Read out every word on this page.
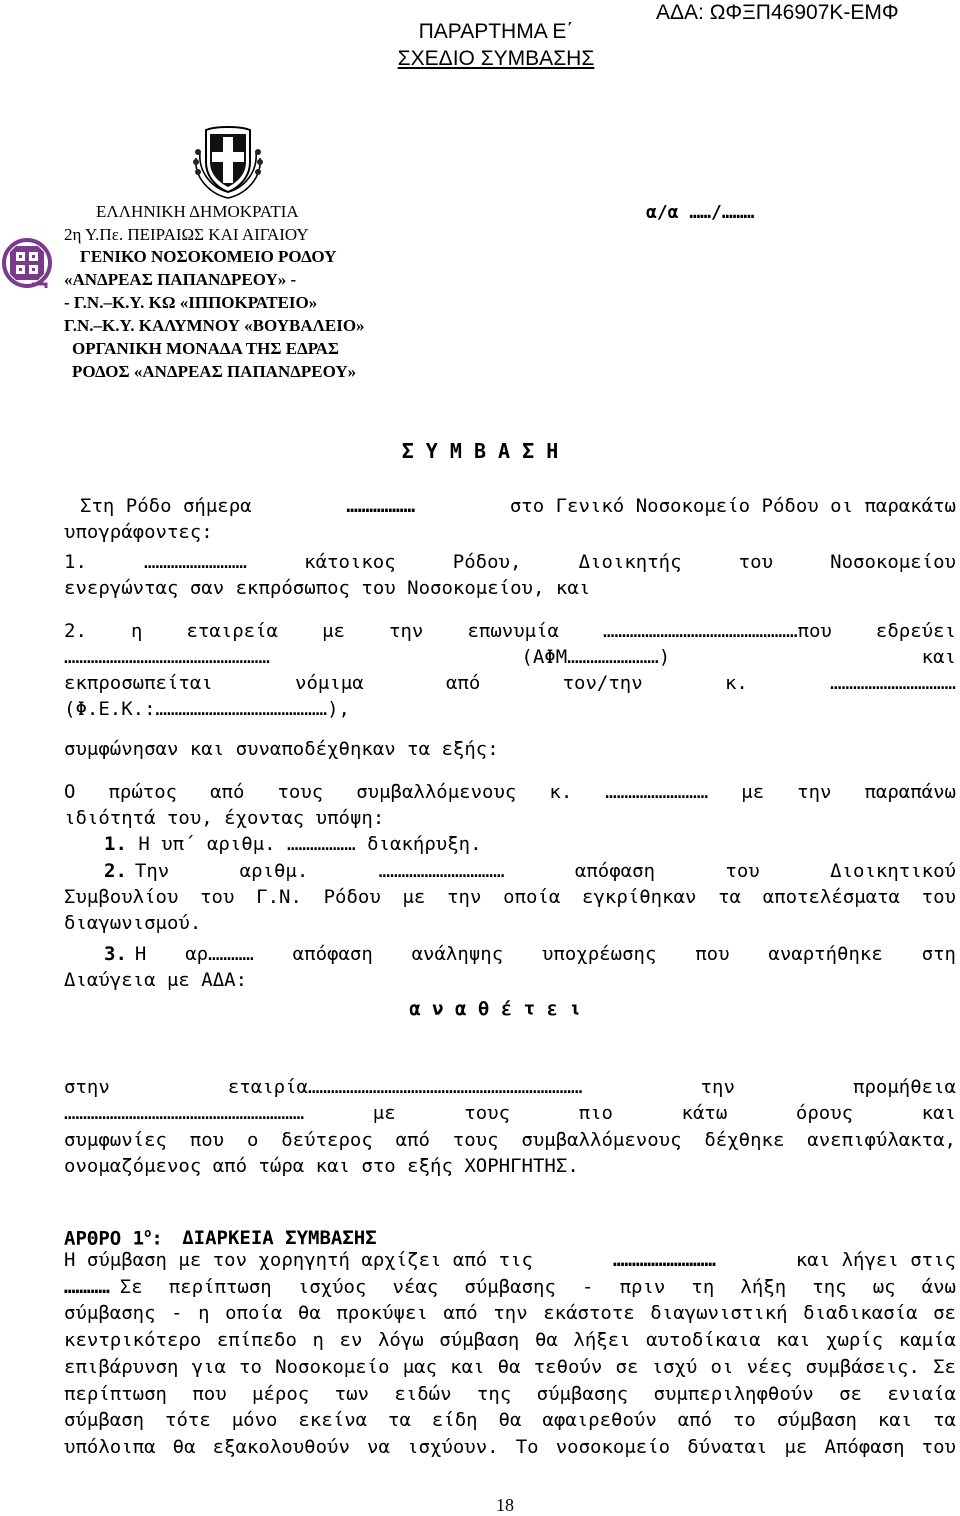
ΠΑΡΑΡΤΗΜΑ Ε΄
ΣΧΕΔΙΟ ΣΥΜΒΑΣΗΣ
ΑΔΑ: ΩΦΞΠ46907Κ-ΕΜΦ
ΕΛΛΗΝΙΚΗ ΔΗΜΟΚΡΑΤΙΑ
2η Υ.Πε. ΠΕΙΡΑΙΩΣ ΚΑΙ ΑΙΓΑΙΟΥ
ΓΕΝΙΚΟ ΝΟΣΟΚΟΜΕΙΟ ΡΟΔΟΥ
«ΑΝΔΡΕΑΣ ΠΑΠΑΝΔΡΕΟΥ» -
- Γ.Ν.–Κ.Υ. ΚΩ «ΙΠΠΟΚΡΑΤΕΙΟ»
Γ.Ν.–Κ.Υ. ΚΑΛΥΜΝΟΥ «ΒΟΥΒΑΛΕΙΟ»
ΟΡΓΑΝΙΚΗ ΜΟΝΑΔΑ ΤΗΣ ΕΔΡΑΣ
ΡΟΔΟΣ «ΑΝΔΡΕΑΣ ΠΑΠΑΝΔΡΕΟΥ»
α/α ……/………
Σ Υ Μ Β Α Σ Η
Στη Ρόδο σήμερα	………………	στο Γενικό Νοσοκομείο Ρόδου οι παρακάτω
υπογράφοντες:
1. ……………………… κάτοικος Ρόδου, Διοικητής του Νοσοκομείου
ενεργώντας σαν εκπρόσωπος του Νοσοκομείου, και
2. η εταιρεία με την επωνυμία ……………………………………………που εδρεύει
……………………………………………… (ΑΦΜ……………………) και
εκπροσωπείται νόμιμα από τον/την κ. ……………………………
(Φ.Ε.Κ.:………………………………………),
συμφώνησαν και συναποδέχθηκαν τα εξής:
Ο πρώτος από τους συμβαλλόμενους κ. ……………………… με την παραπάνω
ιδιότητά του, έχοντας υπόψη:
1. Η υπ΄ αριθμ. ……………… διακήρυξη.
2. Την αριθμ. …………………………… απόφαση του Διοικητικού
Συμβουλίου του Γ.Ν. Ρόδου με την οποία εγκρίθηκαν τα αποτελέσματα του
διαγωνισμού.
3. Η αρ………… απόφαση ανάληψης υποχρέωσης που αναρτήθηκε στη
Διαύγεια με ΑΔΑ:
α ν α θ έ τ ε ι
στην εταιρία……………………………………………………………… την προμήθεια
……………………………………………………… με τους πιο κάτω όρους και
συμφωνίες που ο δεύτερος από τους συμβαλλόμενους δέχθηκε ανεπιφύλακτα,
ονομαζόμενος από τώρα και στο εξής ΧΟΡΗΓΗΤΗΣ.
ΑΡΘΡΟ $1^o$: ΔΙΑΡΚΕΙΑ ΣΥΜΒΑΣΗΣ
Η σύμβαση με τον χορηγητή αρχίζει από τις	………………………	και λήγει στις
………… Σε περίπτωση ισχύος νέας σύμβασης - πριν τη λήξη της ως άνω
σύμβασης - η οποία θα προκύψει από την εκάστοτε διαγωνιστική διαδικασία σε
κεντρικότερο επίπεδο η εν λόγω σύμβαση θα λήξει αυτοδίκαια και χωρίς καμία
επιβάρυνση για το Νοσοκομείο μας και θα τεθούν σε ισχύ οι νέες συμβάσεις. Σε
περίπτωση που μέρος των ειδών της σύμβασης συμπεριληφθούν σε ενιαία
σύμβαση τότε μόνο εκείνα τα είδη θα αφαιρεθούν από το σύμβαση και τα
υπόλοιπα θα εξακολουθούν να ισχύουν. Το νοσοκομείο δύναται με Απόφαση του
18
